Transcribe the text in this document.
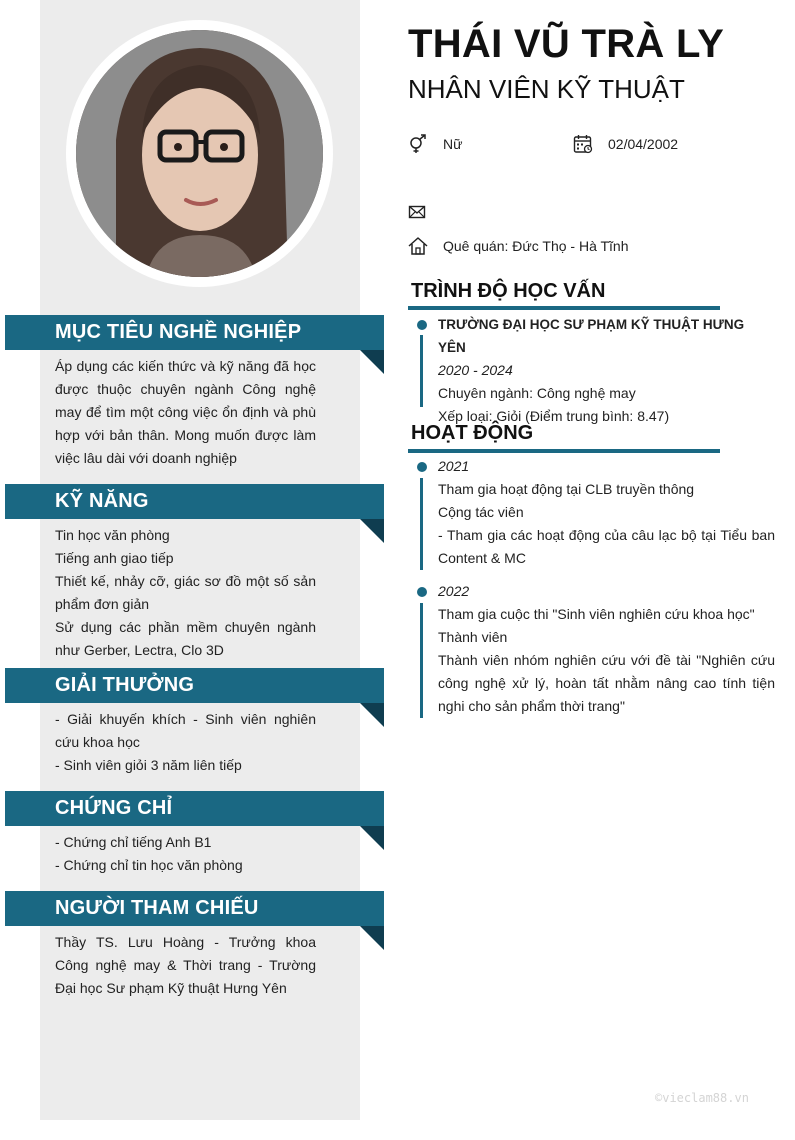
MỤC TIÊU NGHỀ NGHIỆP
Áp dụng các kiến thức và kỹ năng đã học được thuộc chuyên ngành Công nghệ may để tìm một công việc ổn định và phù hợp với bản thân. Mong muốn được làm việc lâu dài với doanh nghiệp
KỸ NĂNG
Tin học văn phòng
Tiếng anh giao tiếp
Thiết kế, nhảy cỡ, giác sơ đồ một số sản phẩm đơn giản
Sử dụng các phần mềm chuyên ngành như Gerber, Lectra, Clo 3D
GIẢI THƯỞNG
- Giải khuyến khích - Sinh viên nghiên cứu khoa học
- Sinh viên giỏi 3 năm liên tiếp
CHỨNG CHỈ
- Chứng chỉ tiếng Anh B1
- Chứng chỉ tin học văn phòng
NGƯỜI THAM CHIẾU
Thầy TS. Lưu Hoàng - Trưởng khoa Công nghệ may & Thời trang - Trường Đại học Sư phạm Kỹ thuật Hưng Yên
THÁI VŨ TRÀ LY
NHÂN VIÊN KỸ THUẬT
Nữ	02/04/2002
Quê quán: Đức Thọ - Hà Tĩnh
TRÌNH ĐỘ HỌC VẤN
TRƯỜNG ĐẠI HỌC SƯ PHẠM KỸ THUẬT HƯNG YÊN
2020 - 2024
Chuyên ngành: Công nghệ may
Xếp loại: Giỏi (Điểm trung bình: 8.47)
HOẠT ĐỘNG
2021
Tham gia hoạt động tại CLB truyền thông
Cộng tác viên
- Tham gia các hoạt động của câu lạc bộ tại Tiểu ban Content & MC
2022
Tham gia cuộc thi "Sinh viên nghiên cứu khoa học"
Thành viên
Thành viên nhóm nghiên cứu với đề tài "Nghiên cứu công nghệ xử lý, hoàn tất nhằm nâng cao tính tiện nghi cho sản phẩm thời trang"
©vieclam88.vn
